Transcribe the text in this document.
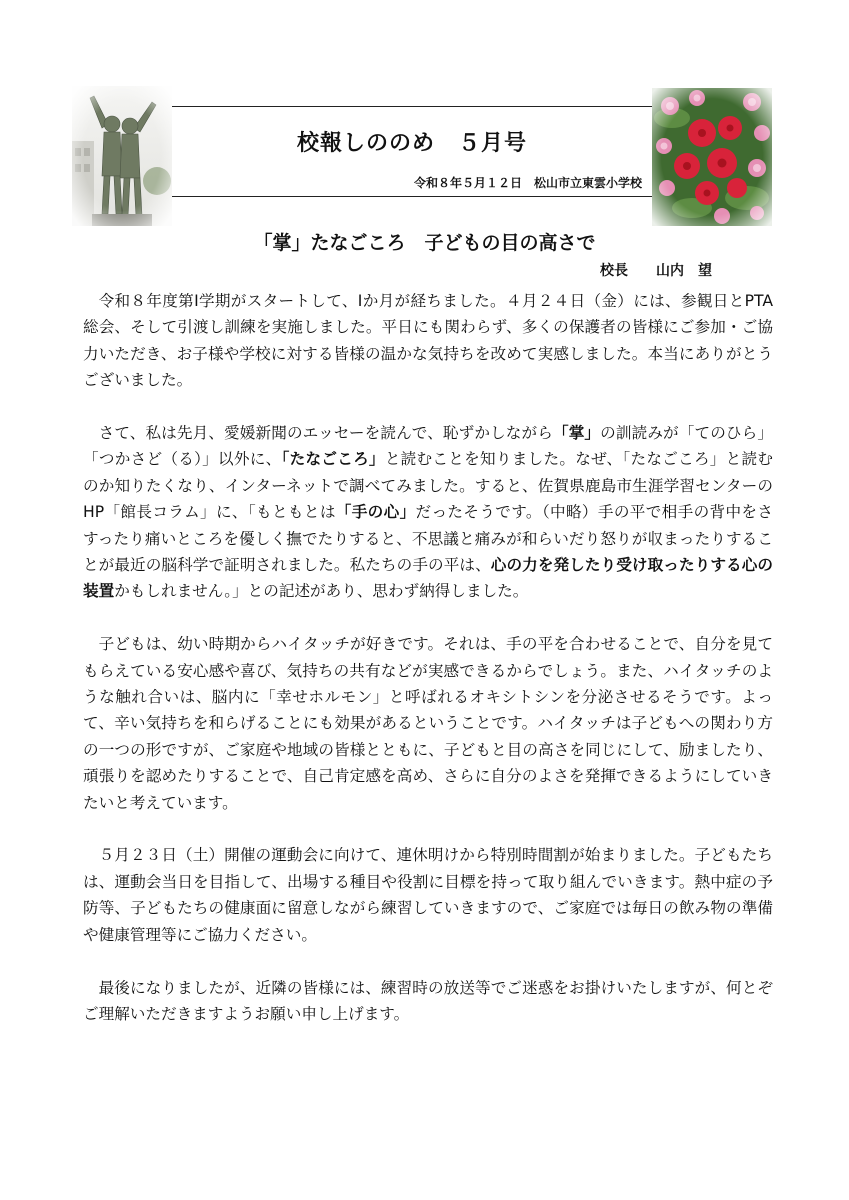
校報しののめ　５月号
令和８年５月１２日　松山市立東雲小学校
「掌」たなごころ　子どもの目の高さで
校長　　山内　望

令和８年度第Ⅰ学期がスタートして、Ⅰか月が経ちました。４月２４日（金）には、参観日とPTA総会、そして引渡し訓練を実施しました。平日にも関わらず、多くの保護者の皆様にご参加・ご協力いただき、お子様や学校に対する皆様の温かな気持ちを改めて実感しました。本当にありがとうございました。

さて、私は先月、愛媛新聞のエッセーを読んで、恥ずかしながら「掌」の訓読みが「てのひら」「つかさど（る）」以外に、「たなごころ」と読むことを知りました。なぜ、「たなごころ」と読むのか知りたくなり、インターネットで調べてみました。すると、佐賀県鹿島市生涯学習センターの HP「館長コラム」に、「もともとは「手の心」だったそうです。（中略）手の平で相手の背中をさすったり痛いところを優しく撫でたりすると、不思議と痛みが和らいだり怒りが収まったりすることが最近の脳科学で証明されました。私たちの手の平は、心の力を発したり受け取ったりする心の装置かもしれません。」との記述があり、思わず納得しました。

子どもは、幼い時期からハイタッチが好きです。それは、手の平を合わせることで、自分を見てもらえている安心感や喜び、気持ちの共有などが実感できるからでしょう。また、ハイタッチのような触れ合いは、脳内に「幸せホルモン」と呼ばれるオキシトシンを分泌させるそうです。よって、辛い気持ちを和らげることにも効果があるということです。ハイタッチは子どもへの関わり方の一つの形ですが、ご家庭や地域の皆様とともに、子どもと目の高さを同じにして、励ましたり、頑張りを認めたりすることで、自己肯定感を高め、さらに自分のよさを発揮できるようにしていきたいと考えています。

５月２３日（土）開催の運動会に向けて、連休明けから特別時間割が始まりました。子どもたちは、運動会当日を目指して、出場する種目や役割に目標を持って取り組んでいきます。熱中症の予防等、子どもたちの健康面に留意しながら練習していきますので、ご家庭では毎日の飲み物の準備や健康管理等にご協力ください。

最後になりましたが、近隣の皆様には、練習時の放送等でご迷惑をお掛けいたしますが、何とぞご理解いただきますようお願い申し上げます。
